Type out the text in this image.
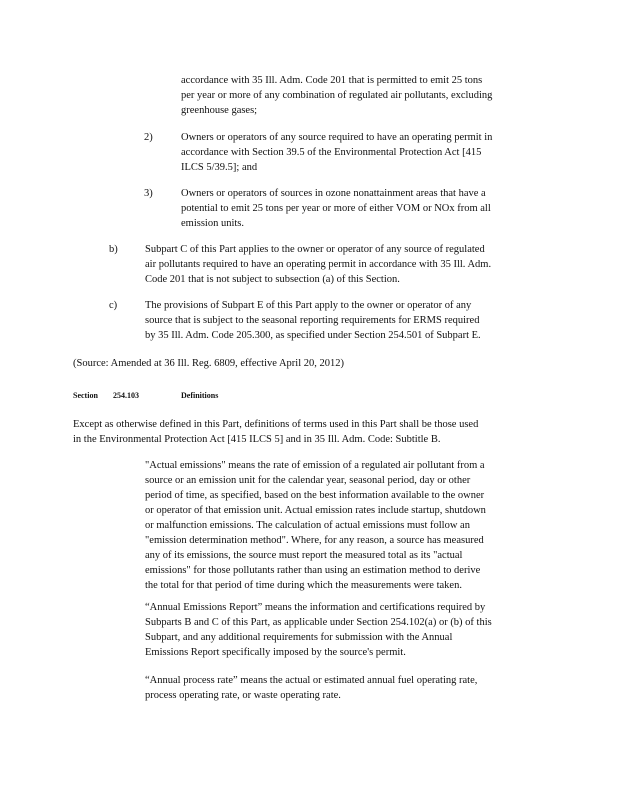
accordance with 35 Ill. Adm. Code 201 that is permitted to emit 25 tons
per year or more of any combination of regulated air pollutants, excluding
greenhouse gases;
2)	Owners or operators of any source required to have an operating permit in
accordance with Section 39.5 of the Environmental Protection Act [415
ILCS 5/39.5]; and
3)	Owners or operators of sources in ozone nonattainment areas that have a
potential to emit 25 tons per year or more of either VOM or NOx from all
emission units.
b)	Subpart C of this Part applies to the owner or operator of any source of regulated
air pollutants required to have an operating permit in accordance with 35 Ill. Adm.
Code 201 that is not subject to subsection (a) of this Section.
c)	The provisions of Subpart E of this Part apply to the owner or operator of any
source that is subject to the seasonal reporting requirements for ERMS required
by 35 Ill. Adm. Code 205.300, as specified under Section 254.501 of Subpart E.
(Source: Amended at 36 Ill. Reg. 6809, effective April 20, 2012)
Section 254.103	Definitions
Except as otherwise defined in this Part, definitions of terms used in this Part shall be those used
in the Environmental Protection Act [415 ILCS 5] and in 35 Ill. Adm. Code: Subtitle B.
"Actual emissions" means the rate of emission of a regulated air pollutant from a
source or an emission unit for the calendar year, seasonal period, day or other
period of time, as specified, based on the best information available to the owner
or operator of that emission unit. Actual emission rates include startup, shutdown
or malfunction emissions. The calculation of actual emissions must follow an
"emission determination method". Where, for any reason, a source has measured
any of its emissions, the source must report the measured total as its "actual
emissions" for those pollutants rather than using an estimation method to derive
the total for that period of time during which the measurements were taken.
“Annual Emissions Report” means the information and certifications required by
Subparts B and C of this Part, as applicable under Section 254.102(a) or (b) of this
Subpart, and any additional requirements for submission with the Annual
Emissions Report specifically imposed by the source's permit.
“Annual process rate” means the actual or estimated annual fuel operating rate,
process operating rate, or waste operating rate.
